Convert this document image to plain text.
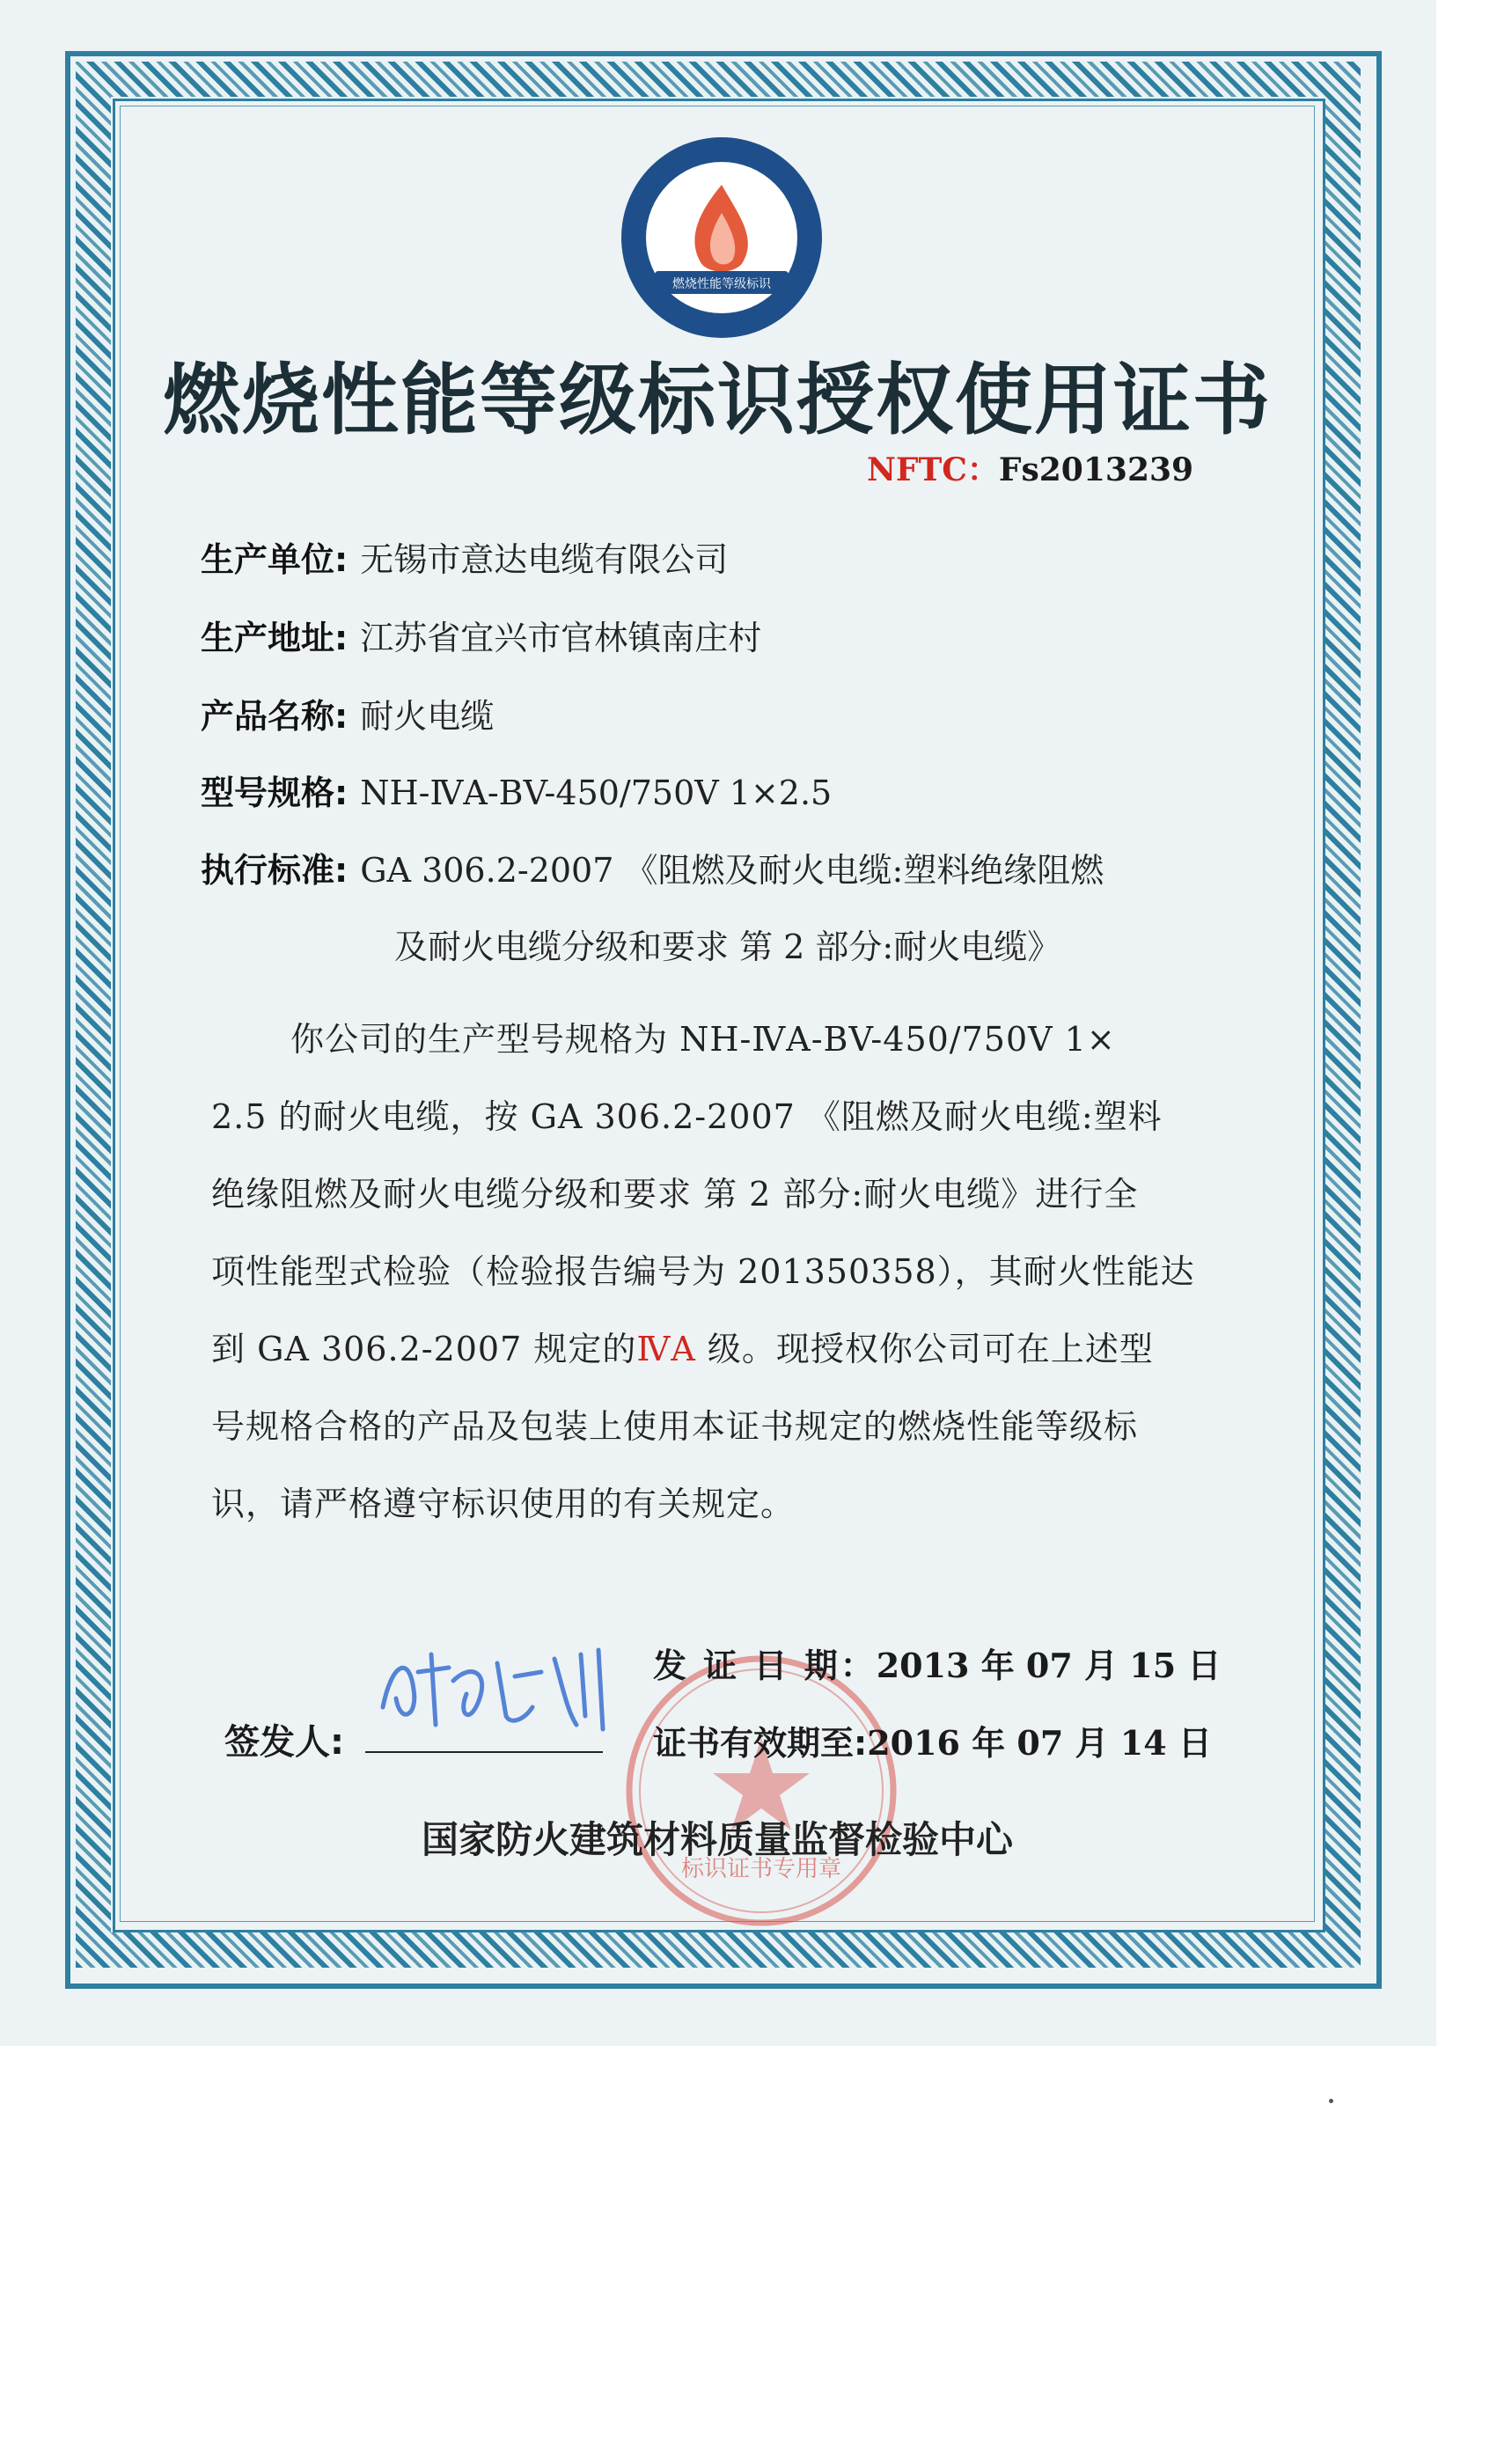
燃烧性能等级标识
燃烧性能等级标识授权使用证书
NFTC：Fs2013239
生产单位: 无锡市意达电缆有限公司
生产地址: 江苏省宜兴市官林镇南庄村
产品名称: 耐火电缆
型号规格: NH-ⅣA-BV-450/750V 1×2.5
执行标准: GA 306.2-2007 《阻燃及耐火电缆:塑料绝缘阻燃
及耐火电缆分级和要求 第 2 部分:耐火电缆》
你公司的生产型号规格为 NH-ⅣA-BV-450/750V 1×
2.5 的耐火电缆，按 GA 306.2-2007 《阻燃及耐火电缆:塑料
绝缘阻燃及耐火电缆分级和要求 第 2 部分:耐火电缆》进行全
项性能型式检验（检验报告编号为 201350358），其耐火性能达
到 GA 306.2-2007 规定的ⅣA 级。现授权你公司可在上述型
号规格合格的产品及包装上使用本证书规定的燃烧性能等级标
识，请严格遵守标识使用的有关规定。
标识证书专用章
签发人:
发 证 日 期：2013 年 07 月 15 日
证书有效期至:2016 年 07 月 14 日
国家防火建筑材料质量监督检验中心
